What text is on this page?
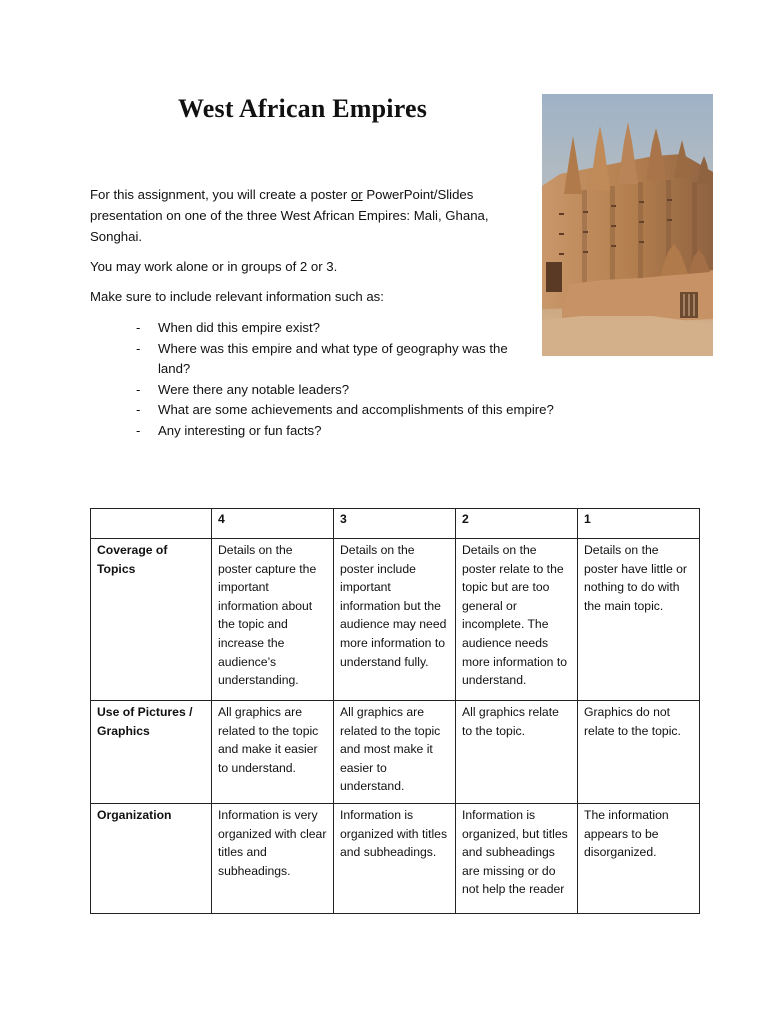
West African Empires

For this assignment, you will create a poster or PowerPoint/Slides presentation on one of the three West African Empires: Mali, Ghana, Songhai.

You may work alone or in groups of 2 or 3.

Make sure to include relevant information such as:

- When did this empire exist?
- Where was this empire and what type of geography was the land?
- Were there any notable leaders?
- What are some achievements and accomplishments of this empire?
- Any interesting or fun facts?
	4	3	2	1
Coverage of Topics	Details on the poster capture the important information about the topic and increase the audience’s understanding.	Details on the poster include important information but the audience may need more information to understand fully.	Details on the poster relate to the topic but are too general or incomplete. The audience needs more information to understand.	Details on the poster have little or nothing to do with the main topic.
Use of Pictures / Graphics	All graphics are related to the topic and make it easier to understand.	All graphics are related to the topic and most make it easier to understand.	All graphics relate to the topic.	Graphics do not relate to the topic.
Organization	Information is very organized with clear titles and subheadings.	Information is organized with titles and subheadings.	Information is organized, but titles and subheadings are missing or do not help the reader	The information appears to be disorganized.
